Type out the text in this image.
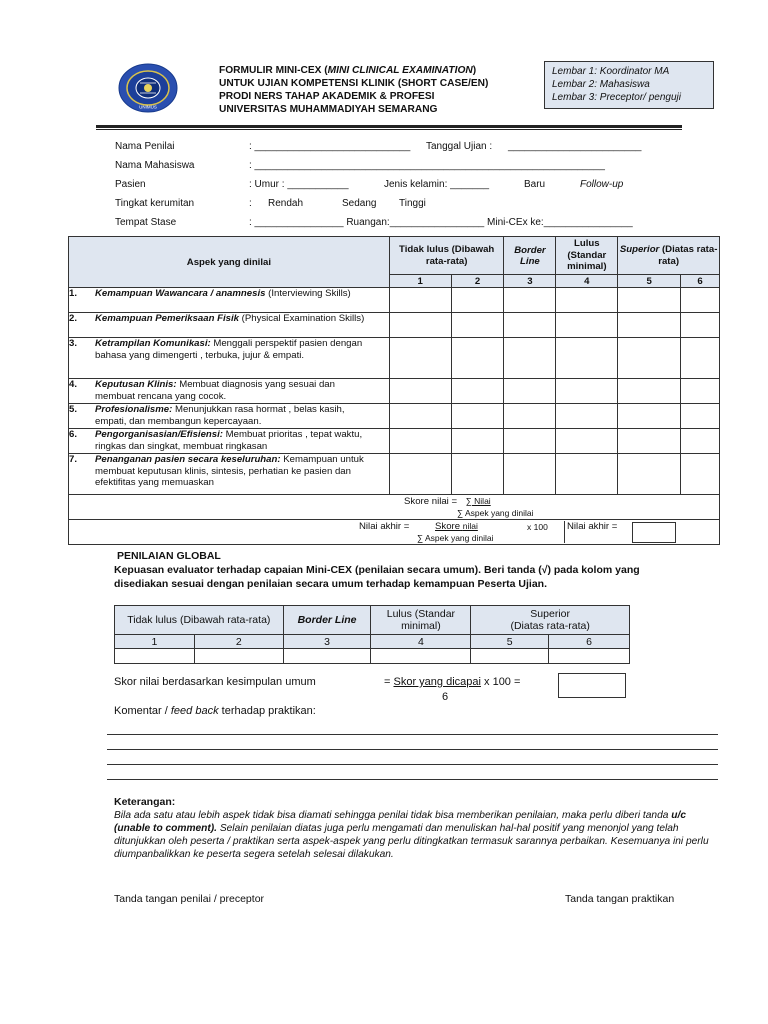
UNIMUS
FORMULIR MINI-CEX (MINI CLINICAL EXAMINATION)
UNTUK UJIAN KOMPETENSI KLINIK (SHORT CASE/EN)
PRODI NERS TAHAP AKADEMIK & PROFESI
UNIVERSITAS MUHAMMADIYAH SEMARANG
Lembar 1: Koordinator MA
Lembar 2: Mahasiswa
Lembar 3: Preceptor/ penguji
Nama Penilai	: ____________________________ Tanggal Ujian : ________________________
Nama Mahasiswa	: _______________________________________________________________
Pasien	: Umur : ___________	Jenis kelamin: _______	Baru	Follow-up
Tingkat kerumitan	: Rendah	Sedang Tinggi
Tempat Stase	: ________________ Ruangan:_________________ Mini-CEx ke:________________
Aspek yang dinilai	Tidak lulus (Dibawah rata-rata)		Border Line	Lulus (Standar minimal)	Superior (Diatas rata-rata)	
	1	2	3	4	5	6
1. Kemampuan Wawancara / anamnesis (Interviewing Skills)						
2. Kemampuan Pemeriksaan Fisik (Physical Examination Skills)						
3. Ketrampilan Komunikasi: Menggali perspektif pasien dengan bahasa yang dimengerti , terbuka, jujur & empati.						
4. Keputusan Klinis: Membuat diagnosis yang sesuai dan membuat rencana yang cocok.						
5. Profesionalisme: Menunjukkan rasa hormat , belas kasih, empati, dan membangun kepercayaan.						
6. Pengorganisasian/Efisiensi: Membuat prioritas , tepat waktu, ringkas dan singkat, membuat ringkasan						
7. Penanganan pasien secara keseluruhan: Kemampuan untuk membuat keputusan klinis, sintesis, perhatian ke pasien dan efektifitas yang memuaskan						

Skore nilai = ∑ Nilai
∑ Aspek yang dinilai						

Nilai akhir = Skore nilai x 100
∑ Aspek yang dinilai
Nilai akhir =						
PENILAIAN GLOBAL
Kepuasan evaluator terhadap capaian Mini-CEX (penilaian secara umum). Beri tanda (√) pada kolom yang disediakan sesuai dengan penilaian secara umum terhadap kemampuan Peserta Ujian.
Tidak lulus (Dibawah rata-rata)		Border Line	Lulus (Standar minimal)	Superior
(Diatas rata-rata)	

1	2	3	4	5	6

Skor nilai berdasarkan kesimpulan umum	= Skor yang dicapai x 100 =
6
Komentar / feed back terhadap praktikan:
Keterangan:
Bila ada satu atau lebih aspek tidak bisa diamati sehingga penilai tidak bisa memberikan penilaian, maka perlu diberi tanda u/c (unable to comment). Selain penilaian diatas juga perlu mengamati dan menuliskan hal-hal positif yang menonjol yang telah ditunjukkan oleh peserta / praktikan serta aspek-aspek yang perlu ditingkatkan termasuk sarannya perbaikan. Kesemuanya ini perlu diumpanbalikkan ke peserta segera setelah selesai dilakukan.
Tanda tangan penilai / preceptor	Tanda tangan praktikan
